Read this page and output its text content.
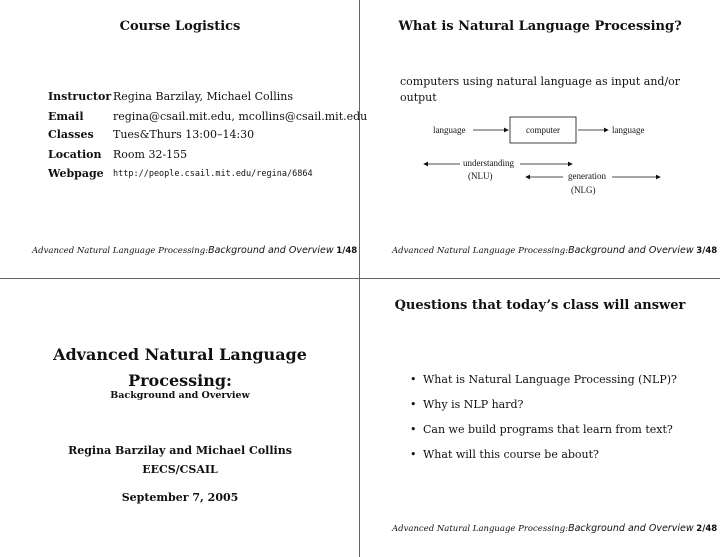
Course Logistics
Instructor Regina Barzilay, Michael Collins
Email	regina@csail.mit.edu, mcollins@csail.mit.edu
Classes Tues&Thurs 13:00–14:30
Location Room 32-155
Webpage http://people.csail.mit.edu/regina/6864
Advanced Natural Language Processing:Background and Overview 1/48
What is Natural Language Processing?
computers using natural language as input and/or
output
language	computer	language
understanding
(NLU)	generation
(NLG)
Advanced Natural Language Processing:Background and Overview 3/48
Advanced Natural Language
Processing:
Background and Overview
Regina Barzilay and Michael Collins
EECS/CSAIL
September 7, 2005
Questions that today’s class will answer
Advanced Natural Language Processing:Background and Overview 2/48
• What is Natural Language Processing (NLP)?
• Why is NLP hard?
• Can we build programs that learn from text?
• What will this course be about?
